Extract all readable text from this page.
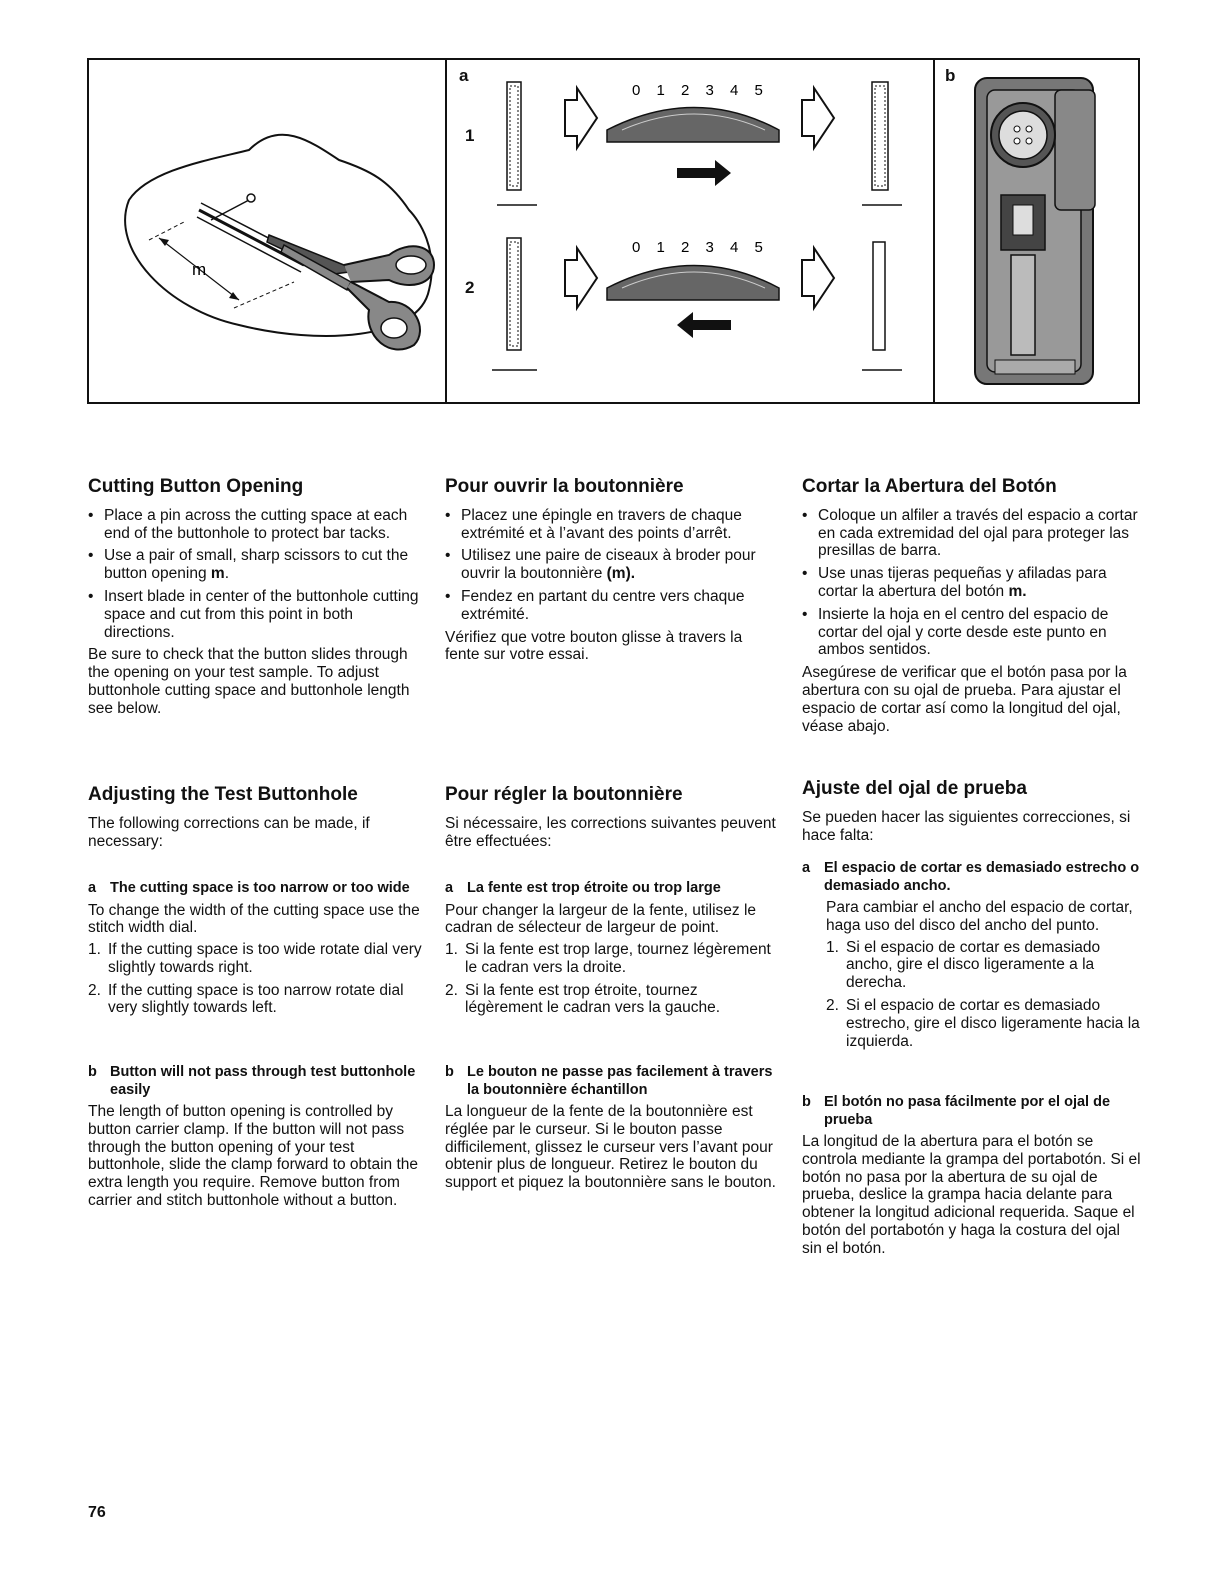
m
a
1
2
0 1 2 3 4 5
0 1 2 3 4 5
b
Cutting Button Opening
• Place a pin across the cutting space at each end of the buttonhole to protect bar tacks.
• Use a pair of small, sharp scissors to cut the button opening m.
• Insert blade in center of the buttonhole cutting space and cut from this point in both directions.

Be sure to check that the button slides through the opening on your test sample. To adjust buttonhole cutting space and buttonhole length see below.

Adjusting the Test Buttonhole

The following corrections can be made, if necessary:

a The cutting space is too narrow or too wide

To change the width of the cutting space use the stitch width dial.

1. If the cutting space is too wide rotate dial very slightly towards right.
2. If the cutting space is too narrow rotate dial very slightly towards left.
b Button will not pass through test buttonhole easily

The length of button opening is controlled by button carrier clamp. If the button will not pass through the button opening of your test buttonhole, slide the clamp forward to obtain the extra length you require. Remove button from carrier and stitch buttonhole without a button.

Pour ouvrir la boutonnière
• Placez une épingle en travers de chaque extrémité et à l’avant des points d’arrêt.
• Utilisez une paire de ciseaux à broder pour ouvrir la boutonnière (m).
• Fendez en partant du centre vers chaque extrémité.

Vérifiez que votre bouton glisse à travers la fente sur votre essai.

Pour régler la boutonnière

Si nécessaire, les corrections suivantes peuvent être effectuées:

a La fente est trop étroite ou trop large

Pour changer la largeur de la fente, utilisez le cadran de sélecteur de largeur de point.

1. Si la fente est trop large, tournez légèrement le cadran vers la droite.
2. Si la fente est trop étroite, tournez légèrement le cadran vers la gauche.
b Le bouton ne passe pas facilement à travers la boutonnière échantillon

La longueur de la fente de la boutonnière est réglée par le curseur. Si le bouton passe difficilement, glissez le curseur vers l’avant pour obtenir plus de longueur. Retirez le bouton du support et piquez la boutonnière sans le bouton.

Cortar la Abertura del Botón
• Coloque un alfiler a través del espacio a cortar en cada extremidad del ojal para proteger las presillas de barra.
• Use unas tijeras pequeñas y afiladas para cortar la abertura del botón m.
• Insierte la hoja en el centro del espacio de cortar del ojal y corte desde este punto en ambos sentidos.

Asegúrese de verificar que el botón pasa por la abertura con su ojal de prueba. Para ajustar el espacio de cortar así como la longitud del ojal, véase abajo.

Ajuste del ojal de prueba

Se pueden hacer las siguientes correcciones, si hace falta:

a El espacio de cortar es demasiado estrecho o demasiado ancho.

Para cambiar el ancho del espacio de cortar, haga uso del disco del ancho del punto.

1. Si el espacio de cortar es demasiado ancho, gire el disco ligeramente a la derecha.
2. Si el espacio de cortar es demasiado estrecho, gire el disco ligeramente hacia la izquierda.
b El botón no pasa fácilmente por el ojal de prueba

La longitud de la abertura para el botón se controla mediante la grampa del portabotón. Si el botón no pasa por la abertura de su ojal de prueba, deslice la grampa hacia delante para obtener la longitud adicional requerida. Saque el botón del portabotón y haga la costura del ojal sin el botón.

76
